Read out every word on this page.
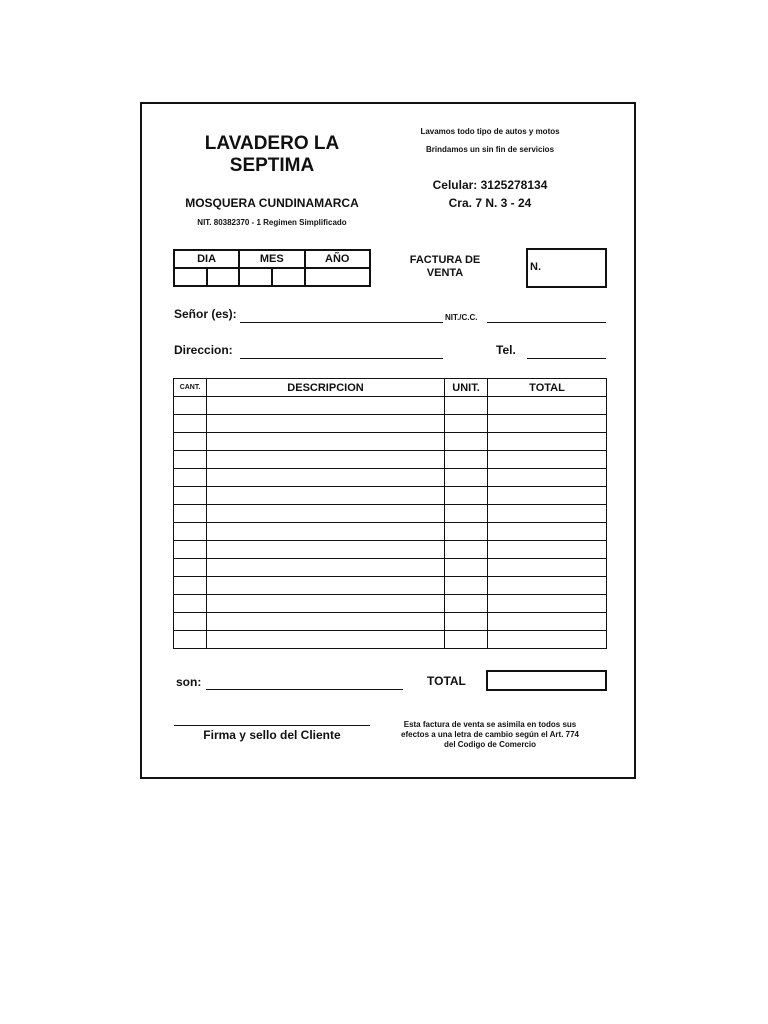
LAVADERO LA SEPTIMA
MOSQUERA CUNDINAMARCA
NIT. 80382370 - 1 Regimen Simplificado
Lavamos todo tipo de autos y motos
Brindamos un sin fin de servicios
Celular: 3125278134
Cra. 7 N. 3 - 24
DIA		MES		AÑO
					FACTURA DE VENTA	N.
Señor (es):	NIT./C.C.
Direccion:	Tel.
CANT.	DESCRIPCION	UNIT.	TOTAL

son:	TOTAL
Firma y sello del Cliente
Esta factura de venta se asimila en todos sus efectos a una letra de cambio según el Art. 774 del Codigo de Comercio
